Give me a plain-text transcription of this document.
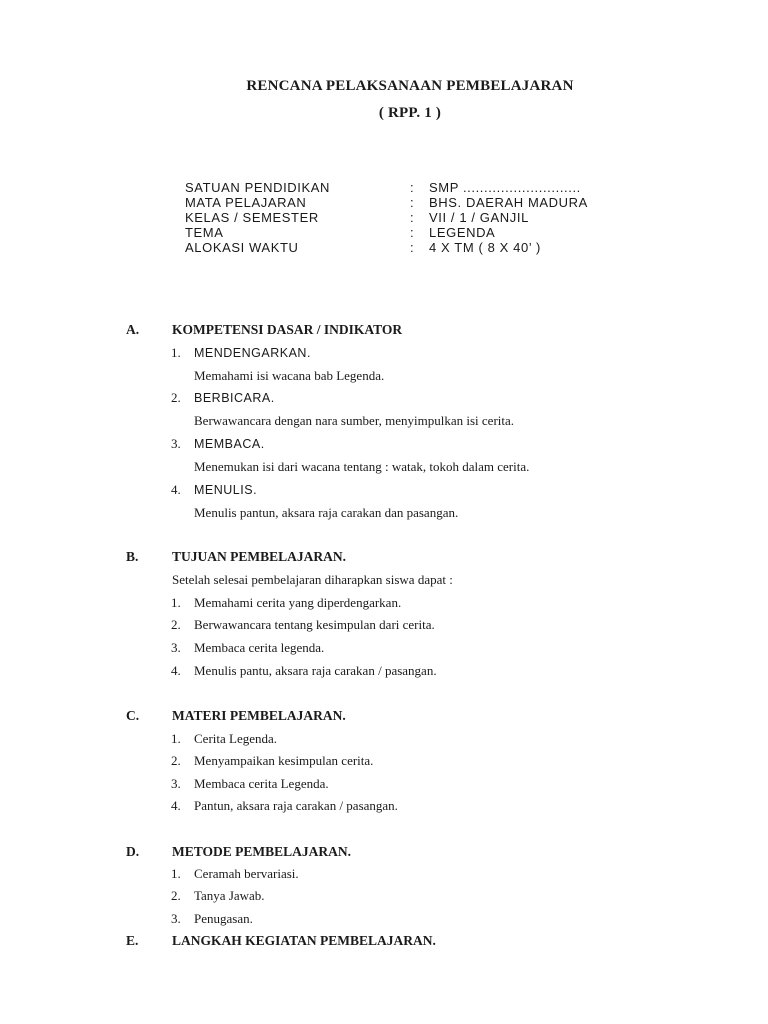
RENCANA PELAKSANAAN PEMBELAJARAN
( RPP. 1 )
SATUAN PENDIDIKAN	: SMP ............................
MATA PELAJARAN	: BHS. DAERAH MADURA
KELAS / SEMESTER	: VII / 1 / GANJIL
TEMA	: LEGENDA
ALOKASI WAKTU	: 4 X TM ( 8 X 40’ )
A. KOMPETENSI DASAR / INDIKATOR
1. MENDENGARKAN.
Memahami isi wacana bab Legenda.
2. BERBICARA.
Berwawancara dengan nara sumber, menyimpulkan isi cerita.
3. MEMBACA.
Menemukan isi dari wacana tentang : watak, tokoh dalam cerita.
4. MENULIS.
Menulis pantun, aksara raja carakan dan pasangan.
B. TUJUAN PEMBELAJARAN.
Setelah selesai pembelajaran diharapkan siswa dapat :
1. Memahami cerita yang diperdengarkan.
2. Berwawancara tentang kesimpulan dari cerita.
3. Membaca cerita legenda.
4. Menulis pantu, aksara raja carakan / pasangan.
C. MATERI PEMBELAJARAN.
1. Cerita Legenda.
2. Menyampaikan kesimpulan cerita.
3. Membaca cerita Legenda.
4. Pantun, aksara raja carakan / pasangan.
D. METODE PEMBELAJARAN.
1. Ceramah bervariasi.
2. Tanya Jawab.
3. Penugasan.
E. LANGKAH KEGIATAN PEMBELAJARAN.
